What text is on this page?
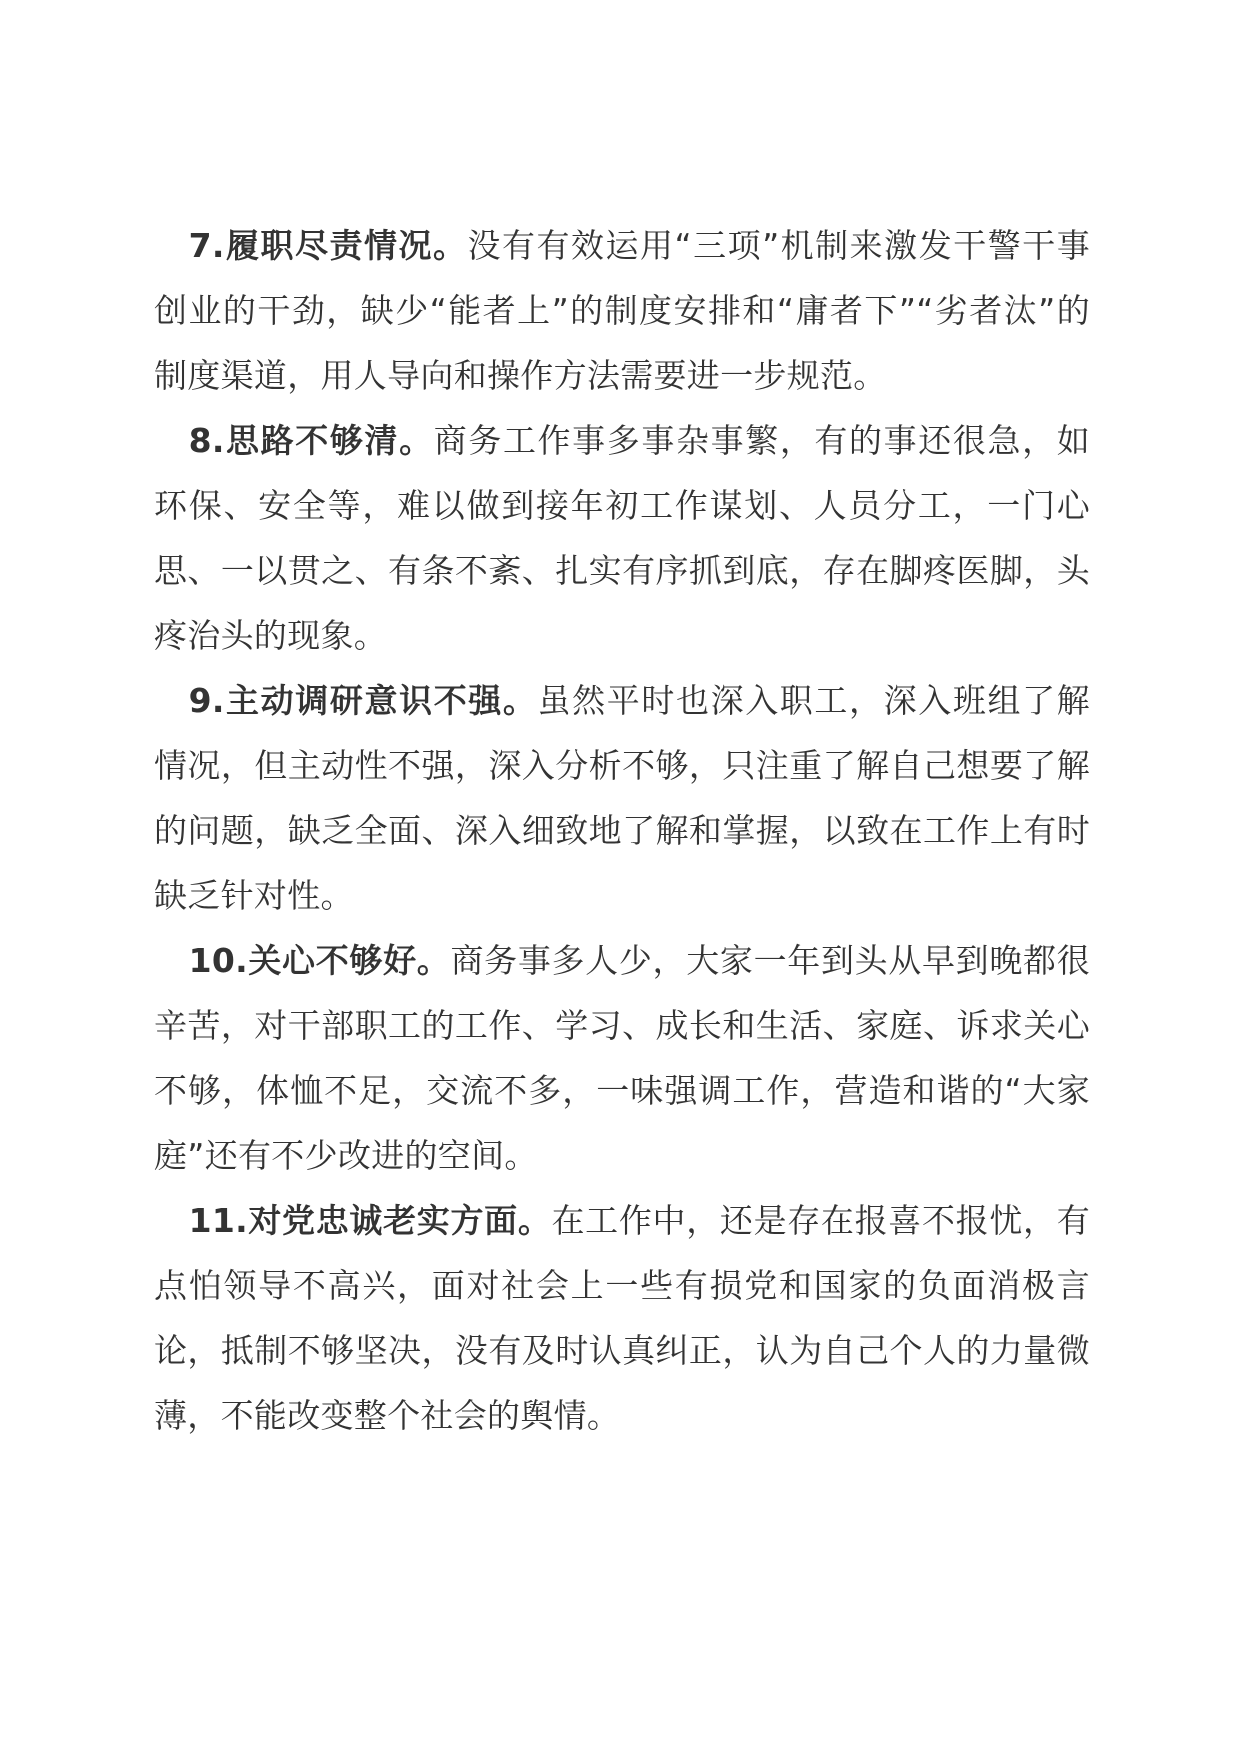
7.履职尽责情况。没有有效运用“三项”机制来激发干警干事创业的干劲，缺少“能者上”的制度安排和“庸者下”“劣者汰”的制度渠道，用人导向和操作方法需要进一步规范。

8.思路不够清。商务工作事多事杂事繁，有的事还很急，如环保、安全等，难以做到接年初工作谋划、人员分工，一门心思、一以贯之、有条不紊、扎实有序抓到底，存在脚疼医脚，头疼治头的现象。

9.主动调研意识不强。虽然平时也深入职工，深入班组了解情况，但主动性不强，深入分析不够，只注重了解自己想要了解的问题，缺乏全面、深入细致地了解和掌握，以致在工作上有时缺乏针对性。

10.关心不够好。商务事多人少，大家一年到头从早到晚都很辛苦，对干部职工的工作、学习、成长和生活、家庭、诉求关心不够，体恤不足，交流不多，一味强调工作，营造和谐的“大家庭”还有不少改进的空间。

11.对党忠诚老实方面。在工作中，还是存在报喜不报忧，有点怕领导不高兴，面对社会上一些有损党和国家的负面消极言论，抵制不够坚决，没有及时认真纠正，认为自己个人的力量微薄，不能改变整个社会的舆情。
